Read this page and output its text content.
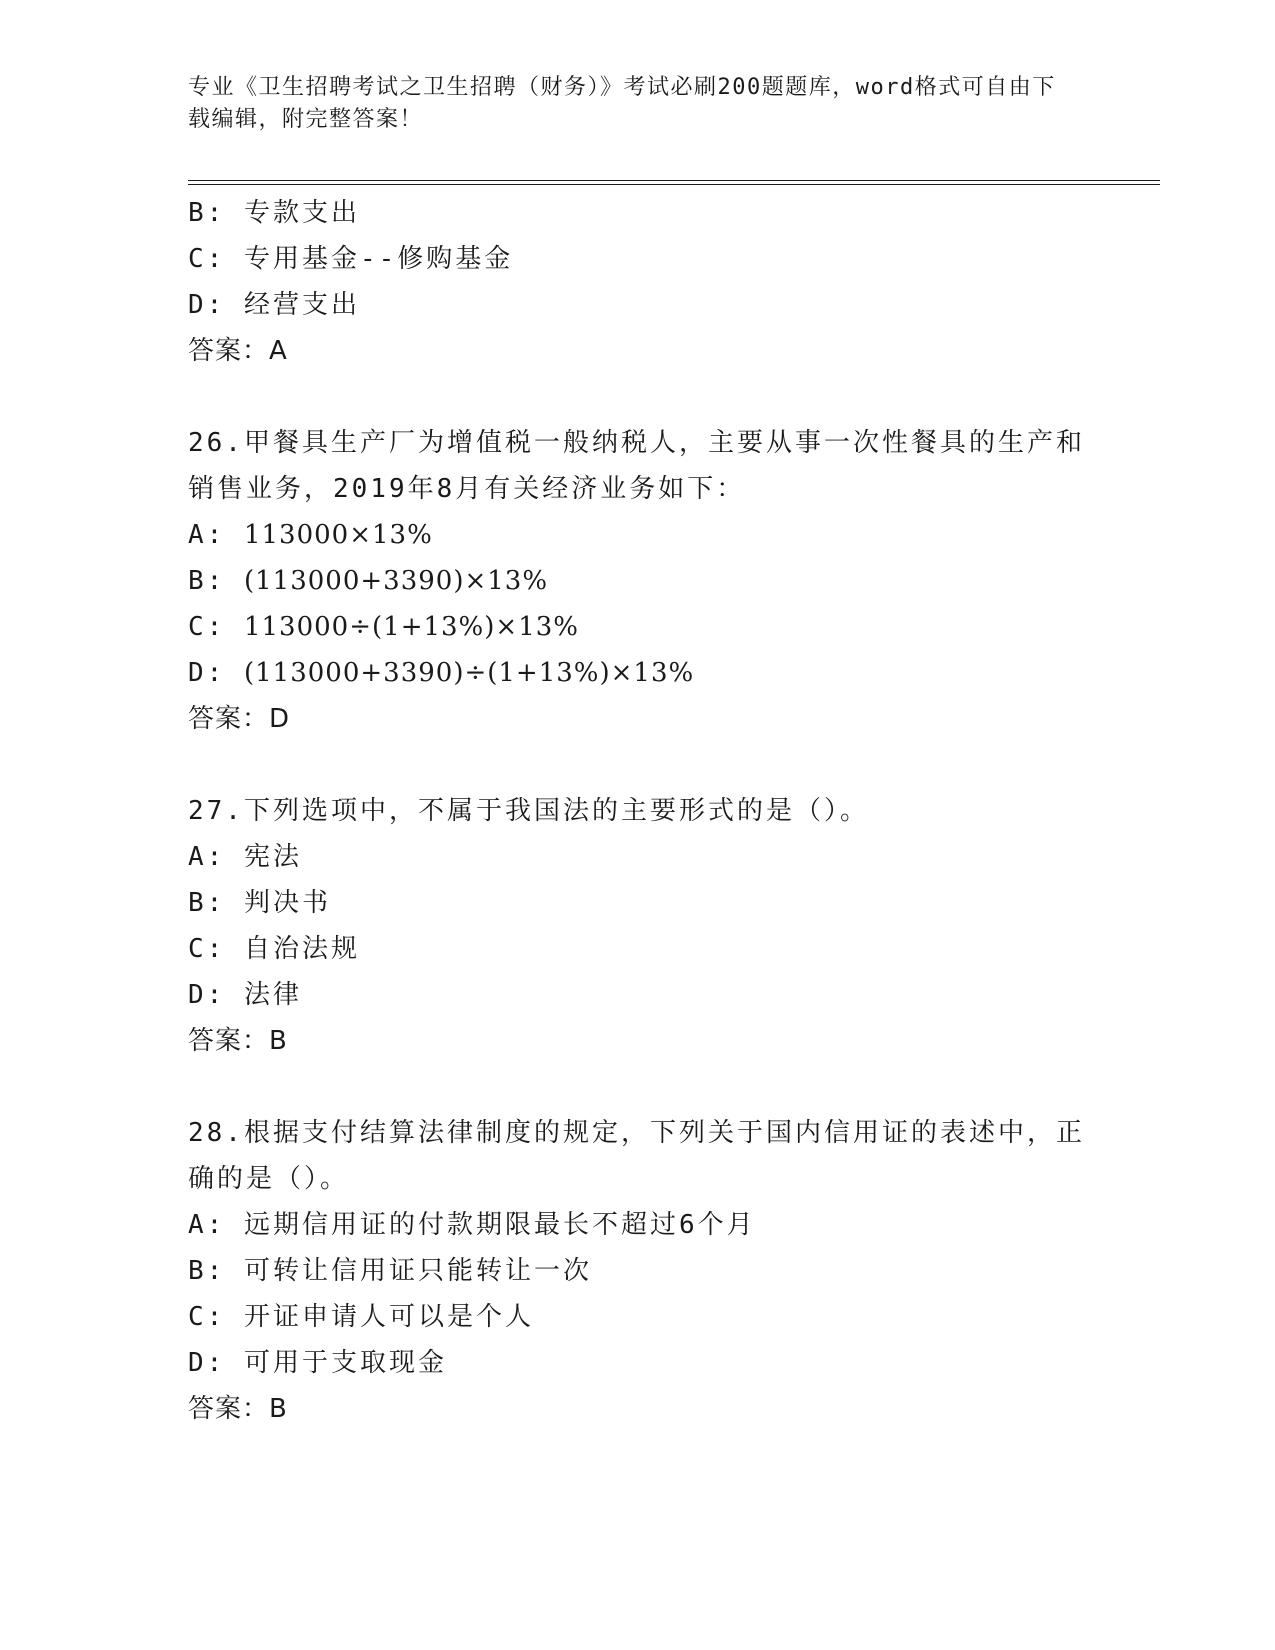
专业《卫生招聘考试之卫生招聘（财务）》考试必刷200题题库，word格式可自由下载编辑，附完整答案！
B: 专款支出
C: 专用基金--修购基金
D: 经营支出
答案：A
26.甲餐具生产厂为增值税一般纳税人，主要从事一次性餐具的生产和销售业务，2019年8月有关经济业务如下：
A: 113000×13%
B: (113000+3390)×13%
C: 113000÷(1+13%)×13%
D: (113000+3390)÷(1+13%)×13%
答案：D
27.下列选项中，不属于我国法的主要形式的是（）。
A: 宪法
B: 判决书
C: 自治法规
D: 法律
答案：B
28.根据支付结算法律制度的规定，下列关于国内信用证的表述中，正确的是（）。
A: 远期信用证的付款期限最长不超过6个月
B: 可转让信用证只能转让一次
C: 开证申请人可以是个人
D: 可用于支取现金
答案：B
